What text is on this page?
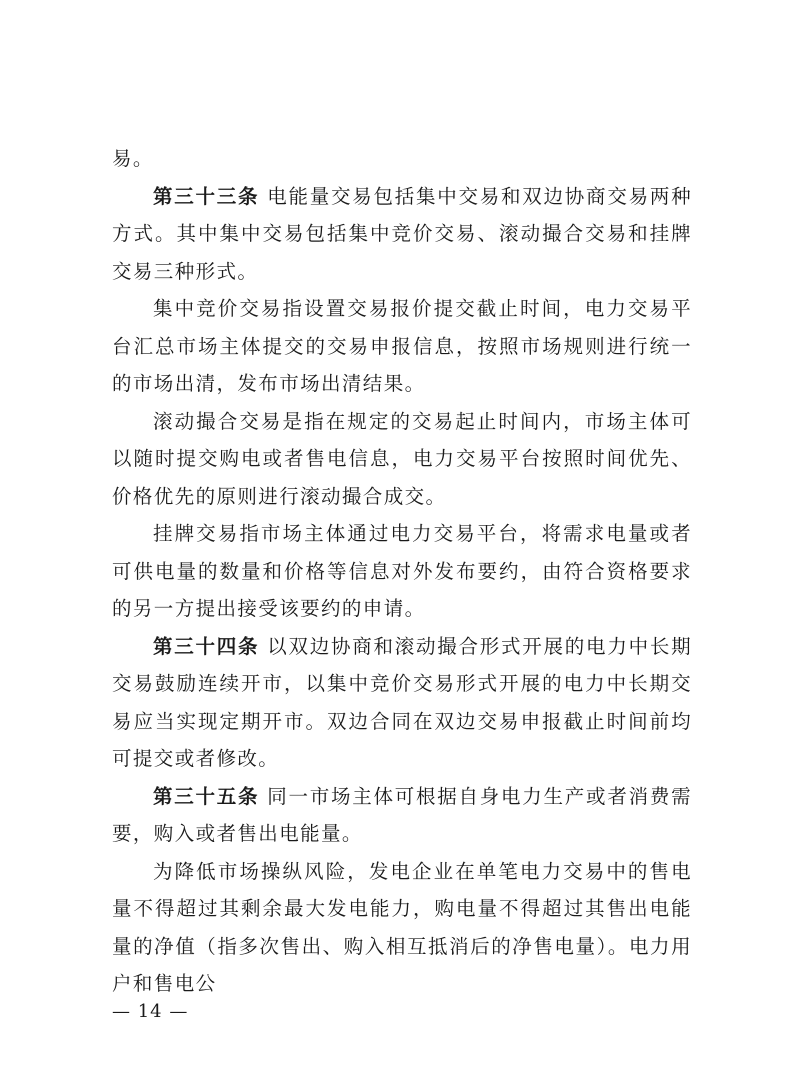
易。

第三十三条 电能量交易包括集中交易和双边协商交易两种方式。其中集中交易包括集中竞价交易、滚动撮合交易和挂牌交易三种形式。

集中竞价交易指设置交易报价提交截止时间，电力交易平台汇总市场主体提交的交易申报信息，按照市场规则进行统一的市场出清，发布市场出清结果。

滚动撮合交易是指在规定的交易起止时间内，市场主体可以随时提交购电或者售电信息，电力交易平台按照时间优先、价格优先的原则进行滚动撮合成交。

挂牌交易指市场主体通过电力交易平台，将需求电量或者可供电量的数量和价格等信息对外发布要约，由符合资格要求的另一方提出接受该要约的申请。

第三十四条 以双边协商和滚动撮合形式开展的电力中长期交易鼓励连续开市，以集中竞价交易形式开展的电力中长期交易应当实现定期开市。双边合同在双边交易申报截止时间前均可提交或者修改。

第三十五条 同一市场主体可根据自身电力生产或者消费需要，购入或者售出电能量。

为降低市场操纵风险，发电企业在单笔电力交易中的售电量不得超过其剩余最大发电能力，购电量不得超过其售出电能量的净值（指多次售出、购入相互抵消后的净售电量）。电力用户和售电公

— 14 —
